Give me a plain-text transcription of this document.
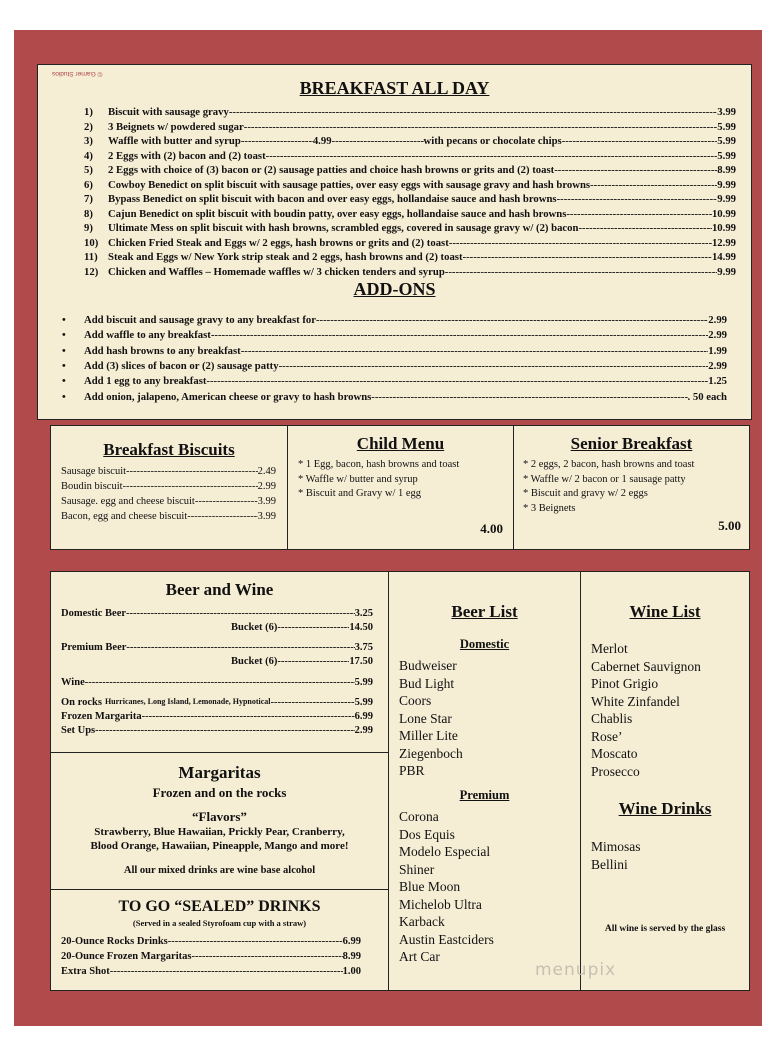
© Garner Studios
BREAKFAST ALL DAY
1)	Biscuit with sausage gravy -----	3.99
2)	3 Beignets w/ powdered sugar -----	5.99
3)	Waffle with butter and syrup -----	4.99 -----	with pecans or chocolate chips -----	5.99
4)	2 Eggs with (2) bacon and (2) toast -----	5.99
5)	2 Eggs with choice of (3) bacon or (2) sausage patties and choice hash browns or grits and (2) toast -----	8.99
6)	Cowboy Benedict on split biscuit with sausage patties, over easy eggs with sausage gravy and hash browns -----	9.99
7)	Bypass Benedict on split biscuit with bacon and over easy eggs, hollandaise sauce and hash browns -----	9.99
8)	Cajun Benedict on split biscuit with boudin patty, over easy eggs, hollandaise sauce and hash browns -----	10.99
9)	Ultimate Mess on split biscuit with hash browns, scrambled eggs, covered in sausage gravy w/ (2) bacon -----	10.99
10) Chicken Fried Steak and Eggs w/ 2 eggs, hash browns or grits and (2) toast -----	12.99
11) Steak and Eggs w/ New York strip steak and 2 eggs, hash browns and (2) toast -----	14.99
12) Chicken and Waffles – Homemade waffles w/ 3 chicken tenders and syrup -----	9.99
ADD-ONS
• Add biscuit and sausage gravy to any breakfast for -----	2.99
• Add waffle to any breakfast -----	2.99
• Add hash browns to any breakfast -----	1.99
• Add (3) slices of bacon or (2) sausage patty -----	2.99
• Add 1 egg to any breakfast -----	1.25
• Add onion, jalapeno, American cheese or gravy to hash browns -----	. 50 each
Breakfast Biscuits
Sausage biscuit -----	2.49
Boudin biscuit -----	2.99
Sausage. egg and cheese biscuit -----	3.99
Bacon, egg and cheese biscuit -----	3.99
Child Menu
* 1 Egg, bacon, hash browns and toast
* Waffle w/ butter and syrup
* Biscuit and Gravy w/ 1 egg
4.00
Senior Breakfast
* 2 eggs, 2 bacon, hash browns and toast
* Waffle w/ 2 bacon or 1 sausage patty
* Biscuit and gravy w/ 2 eggs
* 3 Beignets
5.00
Beer and Wine
Domestic Beer -----	3.25
Bucket (6) -----	14.50
Premium Beer -----	3.75
Bucket (6) -----	17.50
Wine -----	5.99
On rocks Hurricanes, Long Island, Lemonade, Hypnotical -----	5.99
Frozen Margarita -----	6.99
Set Ups -----	2.99
Margaritas
Frozen and on the rocks
“Flavors”
Strawberry, Blue Hawaiian, Prickly Pear, Cranberry,
Blood Orange, Hawaiian, Pineapple, Mango and more!
All our mixed drinks are wine base alcohol
TO GO “SEALED” DRINKS
(Served in a sealed Styrofoam cup with a straw)
20-Ounce Rocks Drinks -----	6.99
20-Ounce Frozen Margaritas -----	8.99
Extra Shot -----	1.00
Beer List
Domestic
Budweiser
Bud Light
Coors
Lone Star
Miller Lite
Ziegenboch
PBR
Premium
Corona
Dos Equis
Modelo Especial
Shiner
Blue Moon
Michelob Ultra
Karback
Austin Eastciders
Art Car
Wine List
Merlot
Cabernet Sauvignon
Pinot Grigio
White Zinfandel
Chablis
Rose’
Moscato
Prosecco
Wine Drinks
Mimosas
Bellini
All wine is served by the glass
menupix
